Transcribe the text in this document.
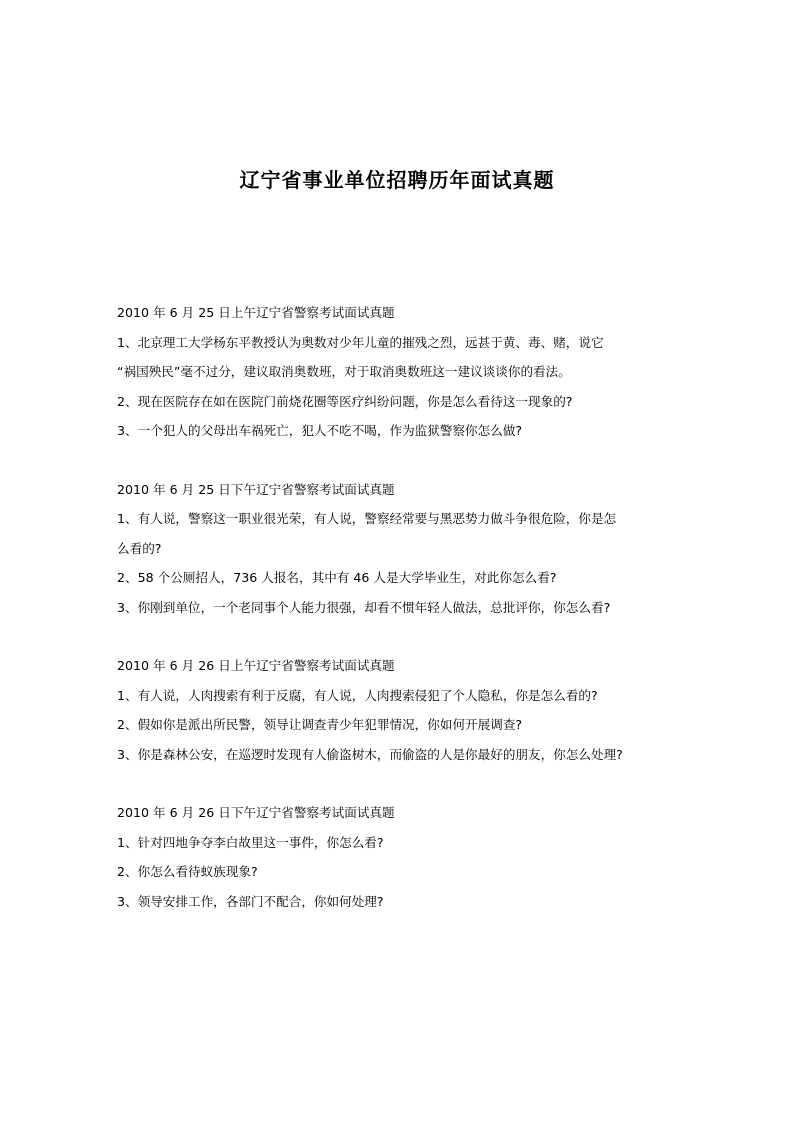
辽宁省事业单位招聘历年面试真题

2010 年 6 月 25 日上午辽宁省警察考试面试真题

1、北京理工大学杨东平教授认为奥数对少年儿童的摧残之烈，远甚于黄、毒、赌，说它

“祸国殃民”毫不过分，建议取消奥数班，对于取消奥数班这一建议谈谈你的看法。

2、现在医院存在如在医院门前烧花圈等医疗纠纷问题，你是怎么看待这一现象的?

3、一个犯人的父母出车祸死亡，犯人不吃不喝，作为监狱警察你怎么做?

2010 年 6 月 25 日下午辽宁省警察考试面试真题

1、有人说，警察这一职业很光荣，有人说，警察经常要与黑恶势力做斗争很危险，你是怎

么看的?

2、58 个公厕招人，736 人报名，其中有 46 人是大学毕业生，对此你怎么看?

3、你刚到单位，一个老同事个人能力很强，却看不惯年轻人做法，总批评你，你怎么看?

2010 年 6 月 26 日上午辽宁省警察考试面试真题

1、有人说，人肉搜索有利于反腐，有人说，人肉搜索侵犯了个人隐私，你是怎么看的?

2、假如你是派出所民警，领导让调查青少年犯罪情况，你如何开展调查?

3、你是森林公安，在巡逻时发现有人偷盗树木，而偷盗的人是你最好的朋友，你怎么处理?

2010 年 6 月 26 日下午辽宁省警察考试面试真题

1、针对四地争夺李白故里这一事件，你怎么看?

2、你怎么看待蚁族现象?

3、领导安排工作，各部门不配合，你如何处理?
